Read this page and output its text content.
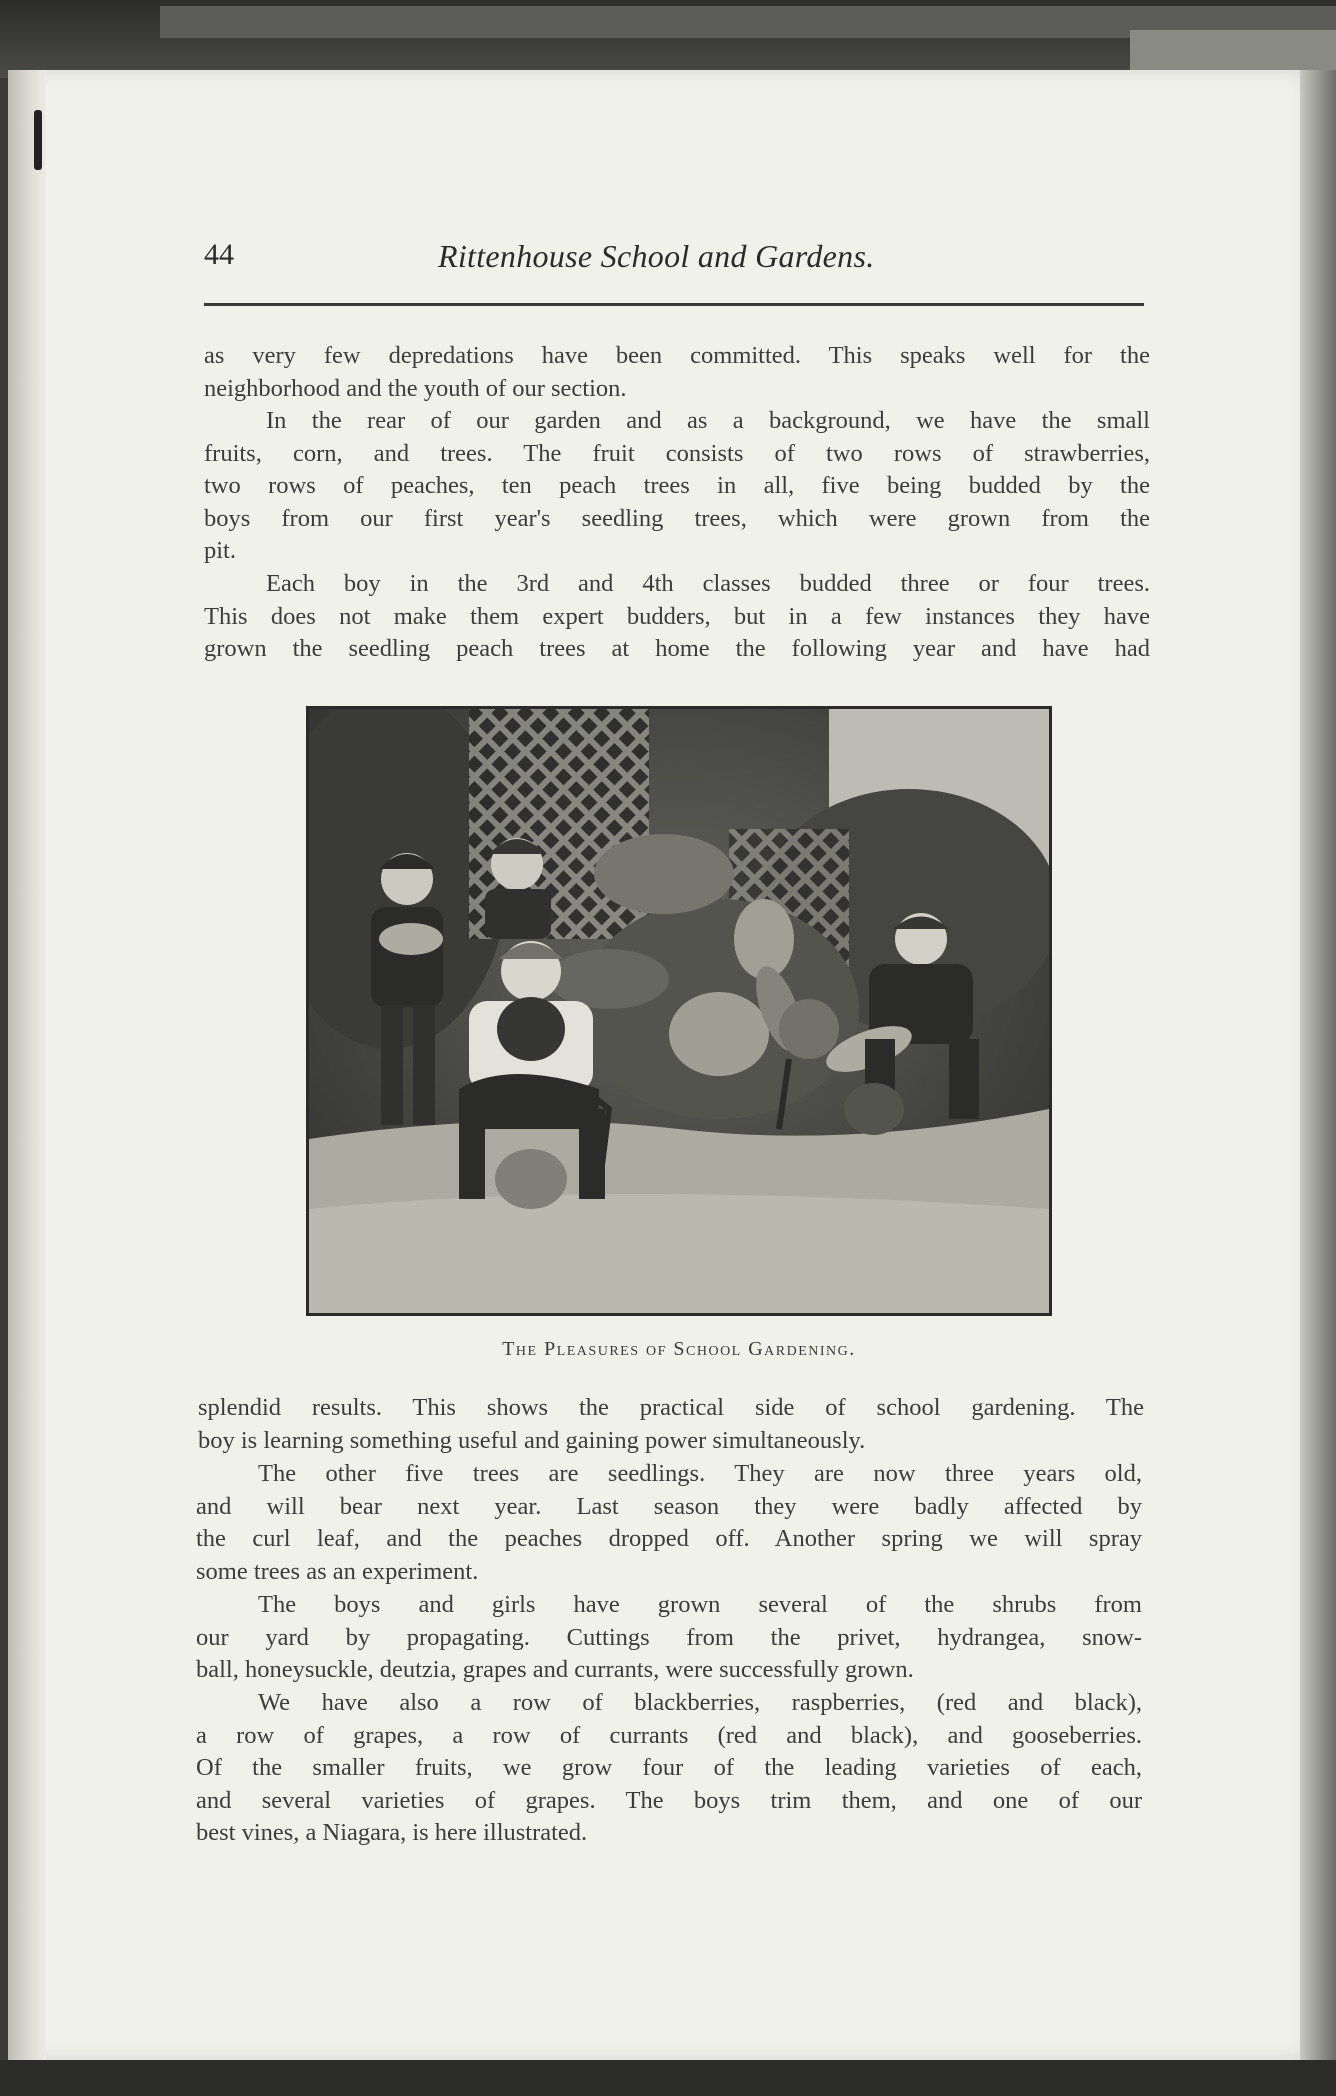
44	Rittenhouse School and Gardens.

as very few depredations have been committed. This speaks well for the
neighborhood and the youth of our section.

In the rear of our garden and as a background, we have the small
fruits, corn, and trees. The fruit consists of two rows of strawberries,
two rows of peaches, ten peach trees in all, five being budded by the
boys from our first year's seedling trees, which were grown from the
pit.

Each boy in the 3rd and 4th classes budded three or four trees.
This does not make them expert budders, but in a few instances they have
grown the seedling peach trees at home the following year and have had

The Pleasures of School Gardening.

splendid results. This shows the practical side of school gardening. The
boy is learning something useful and gaining power simultaneously.

The other five trees are seedlings. They are now three years old,
and will bear next year. Last season they were badly affected by
the curl leaf, and the peaches dropped off. Another spring we will spray
some trees as an experiment.

The boys and girls have grown several of the shrubs from
our yard by propagating. Cuttings from the privet, hydrangea, snow-
ball, honeysuckle, deutzia, grapes and currants, were successfully grown.

We have also a row of blackberries, raspberries, (red and black),
a row of grapes, a row of currants (red and black), and gooseberries.
Of the smaller fruits, we grow four of the leading varieties of each,
and several varieties of grapes. The boys trim them, and one of our
best vines, a Niagara, is here illustrated.
